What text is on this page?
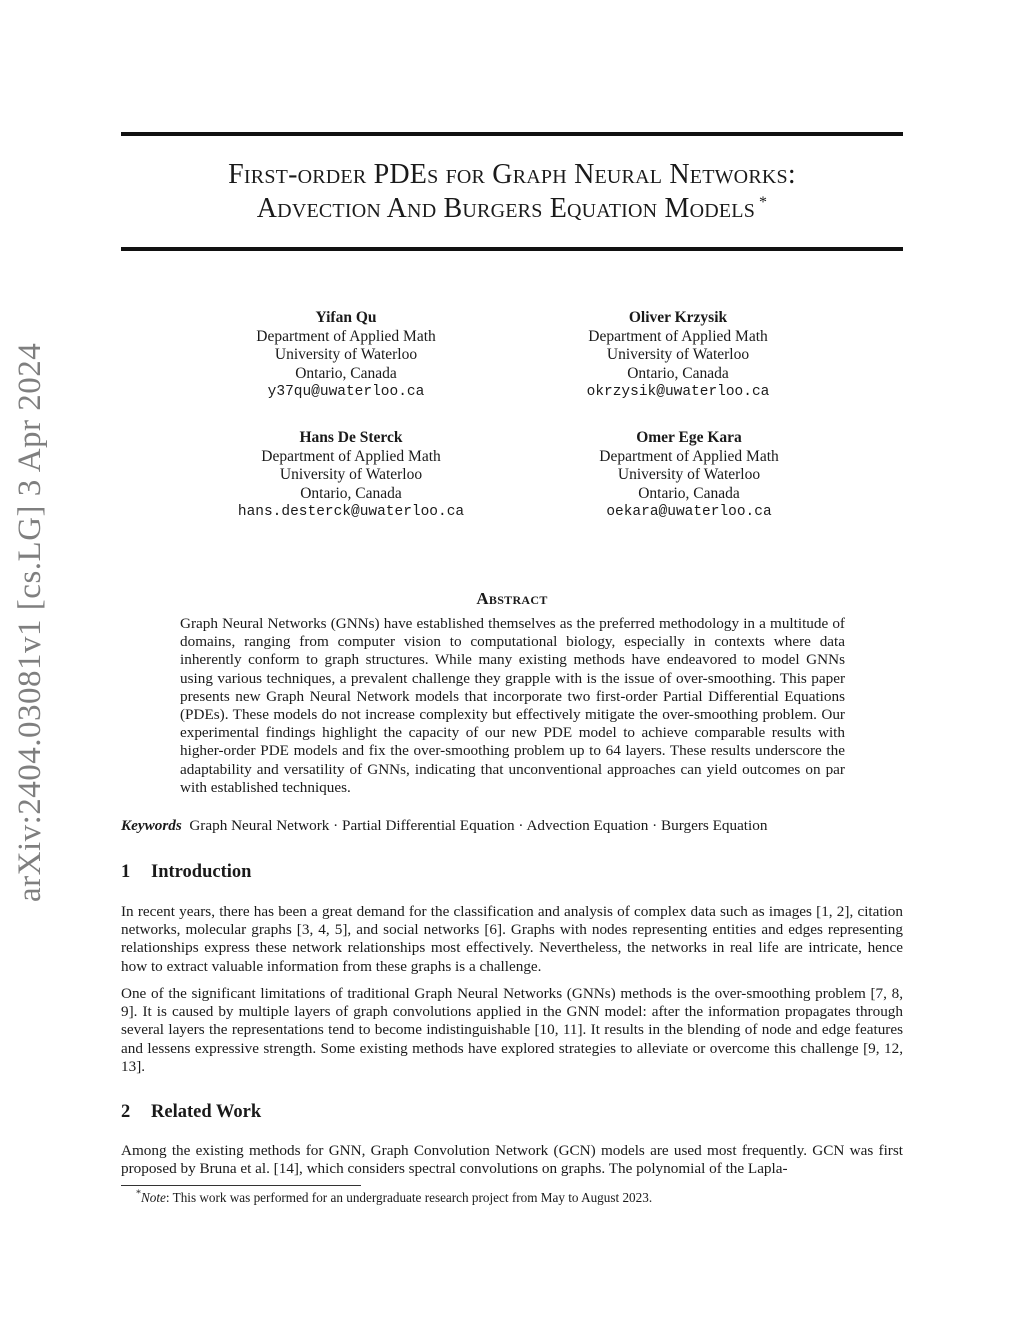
arXiv:2404.03081v1 [cs.LG] 3 Apr 2024
First-order PDEs for Graph Neural Networks:
Advection And Burgers Equation Models *
Yifan Qu
Department of Applied Math
University of Waterloo
Ontario, Canada
y37qu@uwaterloo.ca
Oliver Krzysik
Department of Applied Math
University of Waterloo
Ontario, Canada
okrzysik@uwaterloo.ca
Hans De Sterck
Department of Applied Math
University of Waterloo
Ontario, Canada
hans.desterck@uwaterloo.ca
Omer Ege Kara
Department of Applied Math
University of Waterloo
Ontario, Canada
oekara@uwaterloo.ca
Abstract
Graph Neural Networks (GNNs) have established themselves as the preferred methodology in a multitude of domains, ranging from computer vision to computational biology, especially in contexts where data inherently conform to graph structures. While many existing methods have endeavored to model GNNs using various techniques, a prevalent challenge they grapple with is the issue of over-smoothing. This paper presents new Graph Neural Network models that incorporate two first-order Partial Differential Equations (PDEs). These models do not increase complexity but effectively mitigate the over-smoothing problem. Our experimental findings highlight the capacity of our new PDE model to achieve comparable results with higher-order PDE models and fix the over-smoothing problem up to 64 layers. These results underscore the adaptability and versatility of GNNs, indicating that unconventional approaches can yield outcomes on par with established techniques.
Keywords Graph Neural Network · Partial Differential Equation · Advection Equation · Burgers Equation
1 Introduction
In recent years, there has been a great demand for the classification and analysis of complex data such as images [1, 2], citation networks, molecular graphs [3, 4, 5], and social networks [6]. Graphs with nodes representing entities and edges representing relationships express these network relationships most effectively. Nevertheless, the networks in real life are intricate, hence how to extract valuable information from these graphs is a challenge.
One of the significant limitations of traditional Graph Neural Networks (GNNs) methods is the over-smoothing problem [7, 8, 9]. It is caused by multiple layers of graph convolutions applied in the GNN model: after the information propagates through several layers the representations tend to become indistinguishable [10, 11]. It results in the blending of node and edge features and lessens expressive strength. Some existing methods have explored strategies to alleviate or overcome this challenge [9, 12, 13].
2 Related Work
Among the existing methods for GNN, Graph Convolution Network (GCN) models are used most frequently. GCN was first proposed by Bruna et al. [14], which considers spectral convolutions on graphs. The polynomial of the Lapla-
*Note: This work was performed for an undergraduate research project from May to August 2023.
